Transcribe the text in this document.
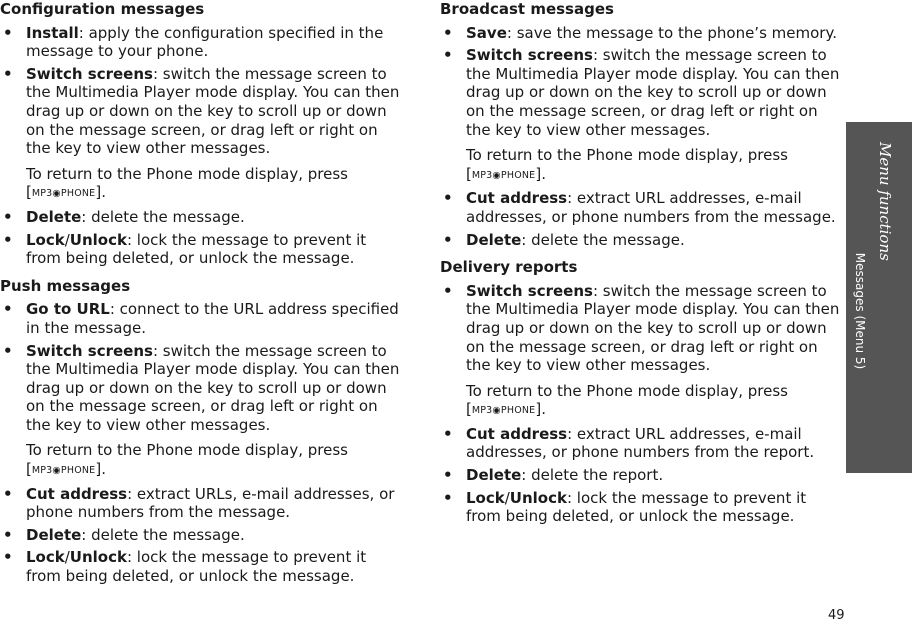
Configuration messages
• Install: apply the configuration specified in the message to your phone.
• Switch screens: switch the message screen to the Multimedia Player mode display. You can then drag up or down on the key to scroll up or down on the message screen, or drag left or right on the key to view other messages.
To return to the Phone mode display, press
[MP3◉PHONE].
• Delete: delete the message.
• Lock/Unlock: lock the message to prevent it from being deleted, or unlock the message.
Push messages
• Go to URL: connect to the URL address specified in the message.
• Switch screens: switch the message screen to the Multimedia Player mode display. You can then drag up or down on the key to scroll up or down on the message screen, or drag left or right on the key to view other messages.
To return to the Phone mode display, press
[MP3◉PHONE].
• Cut address: extract URLs, e-mail addresses, or phone numbers from the message.
• Delete: delete the message.
• Lock/Unlock: lock the message to prevent it from being deleted, or unlock the message.
Broadcast messages
• Save: save the message to the phone’s memory.
• Switch screens: switch the message screen to the Multimedia Player mode display. You can then drag up or down on the key to scroll up or down on the message screen, or drag left or right on the key to view other messages.
To return to the Phone mode display, press
[MP3◉PHONE].
• Cut address: extract URL addresses, e-mail addresses, or phone numbers from the message.
• Delete: delete the message.
Delivery reports
• Switch screens: switch the message screen to the Multimedia Player mode display. You can then drag up or down on the key to scroll up or down on the message screen, or drag left or right on the key to view other messages.
To return to the Phone mode display, press
[MP3◉PHONE].
• Cut address: extract URL addresses, e-mail addresses, or phone numbers from the report.
• Delete: delete the report.
• Lock/Unlock: lock the message to prevent it from being deleted, or unlock the message.
Menu functions
Messages (Menu 5)
49
